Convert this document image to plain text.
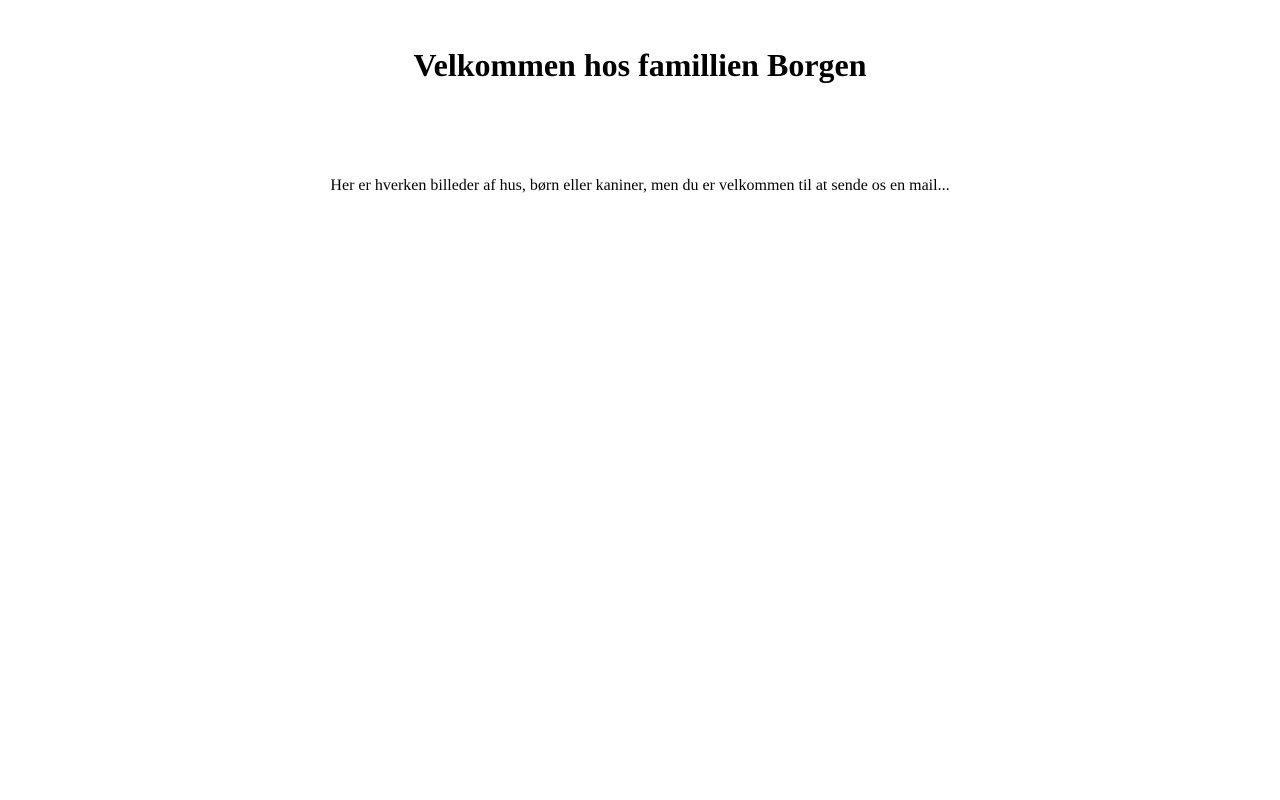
Velkommen hos famillien Borgen

Her er hverken billeder af hus, børn eller kaniner, men du er velkommen til at sende os en mail...
